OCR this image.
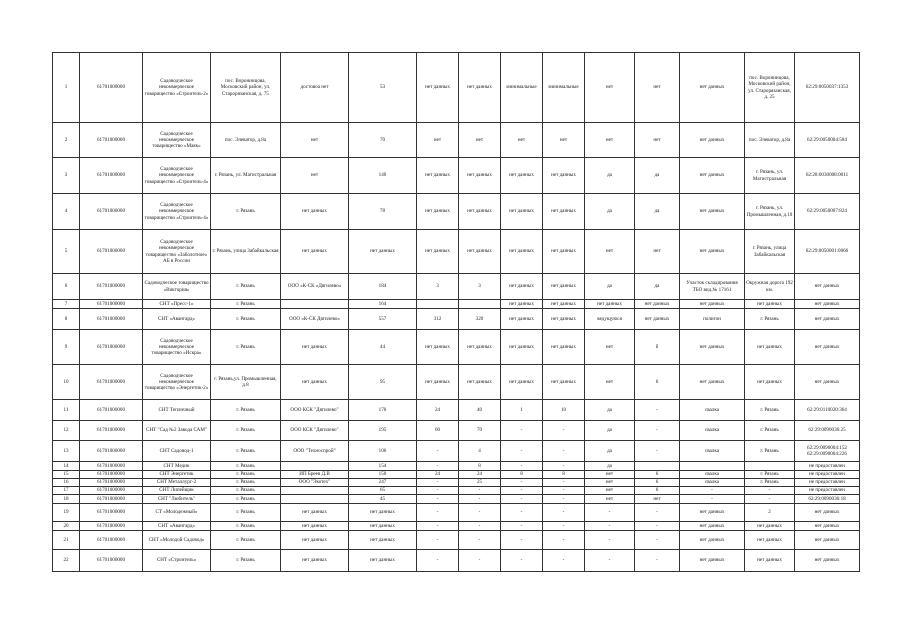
1	61701000000	Садоводческое некоммерческое товарищество «Строитель-2»	пос. Воронинцова, Московский район, ул. Старорязанская, д. 75	достовоа нет	53	нет данных	нет данных	минимальные	минимальные	нет	нет	нет данных	пос. Воронинцова, Московский район, ул. Старорязанская, д. 25	62:29:0050037:1353
2	61701000000	Садоводческое некоммерческое товарищество «Маяк»	пос. Элеватор, д.8а	нет	70	нет	нет	нет	нет	нет	нет	нет данных	пос. Элеватор, д.8а	62:29:0050004:584
3	61701000000	Садоводческое некоммерческое товарищество «Строитель-4»	г. Рязань, ул. Магистральная	нет	140	нет данных	нет данных	нет данных	нет данных	да	да	нет данных	г. Рязань, ул. Магистральная	62:28:0030008:0011
4	61701000000	Садоводческое некоммерческое товарищество «Строитель-4»	г. Рязань	нет данных	78	нет данных	нет данных	нет данных	нет данных	да	да	нет данных	г. Рязань, ул. Промышленная, д.10	62:29:0050007:824
5	61701000000	Садоводческое некоммерческое товарищество «Заболотное» АБ в России	г. Рязань, улица Забайкальская	нет данных	нет данных	нет данных	нет данных	нет данных	нет данных	нет	нет	нет данных	г. Рязань, улица Забайкальская	62:29:0050001:0066
6	61701000000	Садоводческое товарищество «Виктория»	г. Рязань	ООО «К-СК «Дягилево»	184	3	3	нет данных	нет данных	да	да	Участок складирования ТБО вид.№ 17161	Окружная дорога 192 км.	нет данных
7	61701000000	СНТ «Пресс-1»	г. Рязань		164			нет данных	нет данных	нет данных	нет данных	нет данных	нет данных	нет данных
8	61701000000	СНТ «Авангард»	г. Рязань	ООО «К-СК Дягилево»	557	312	320	нет данных	нет данных	ведущуюся	нет данных	полигон	г. Рязань	нет данных
9	61701000000	Садоводческое некоммерческое товарищество «Искра»	г. Рязань	нет данных	44	нет данных	нет данных	нет данных	нет данных	нет	б	нет данных	нет данных	нет данных
10	61701000000	Садоводческое некоммерческое товарищество «Энергетик-2»	г. Рязань,ул. Промышленная, д.8	нет данных	95	нет данных	нет данных	нет данных	нет данных	нет	6	нет данных	нет данных	нет данных
11	61701000000	СНТ Тепличный	г. Рязань	ООО КСК "Дягилево"	170	24	40	1	10	да	-	свалка	г. Рязань	62:29:0110020:364
12	61701000000	СНТ "Сад №2 Завода САМ"	г. Рязань	ООО КСК "Дягилево"	195	60	70	-	-	да	-	свалка	г. Рязань	62:29:0090036:25
13	61701000000	СНТ Садовод-1	г. Рязань	ООО "Техноспрой"	106	-	4	-	-	да	-	свалка	г. Рязань	62:29:0090004:152 62:29:0090004:226
14	61701000000	СНТ Медик	г. Рязань		154	-	8	-	-	да				не предоставлен
15	61701000000	СНТ Энергетик	г. Рязань	ИП Бреев Д.В	150	24	24	8	8	нет	6	свалка	г. Рязань	не предоставлен
16	61701000000	СНТ Металлург-2	г. Рязань	ООО "Экотех"	247	-	25	-	-	нет	6	свалка	г. Рязань	не предоставлен
17	61701000000	СНТ Липейщик	г. Рязань		65	-	-	-	-	нет	6	-	-	не предоставлен
18	61701000000	СНТ "Любитель"	г. Рязань		45	-	-	-	-	нет	нет	-	-	62:29:0090036:18
19	61701000000	СТ «Молодежный»	г. Рязань	нет данных	нет данных	-	-	-	-	-	-	нет данных	2	нет данных
20	61701000000	СНТ «Авангард»	г. Рязань	нет данных	нет данных	-	-	-	-	-	-	нет данных	нет данных	нет данных
21	61701000000	СНТ «Молодой Садовод»	г. Рязань	нет данных	нет данных	-	-	-	-	-	-	нет данных	нет данных	нет данных
22	61701000000	СНТ «Строитель»	г. Рязань	нет данных	нет данных	-	-	-	-	-	-	нет данных	нет данных	нет данных
